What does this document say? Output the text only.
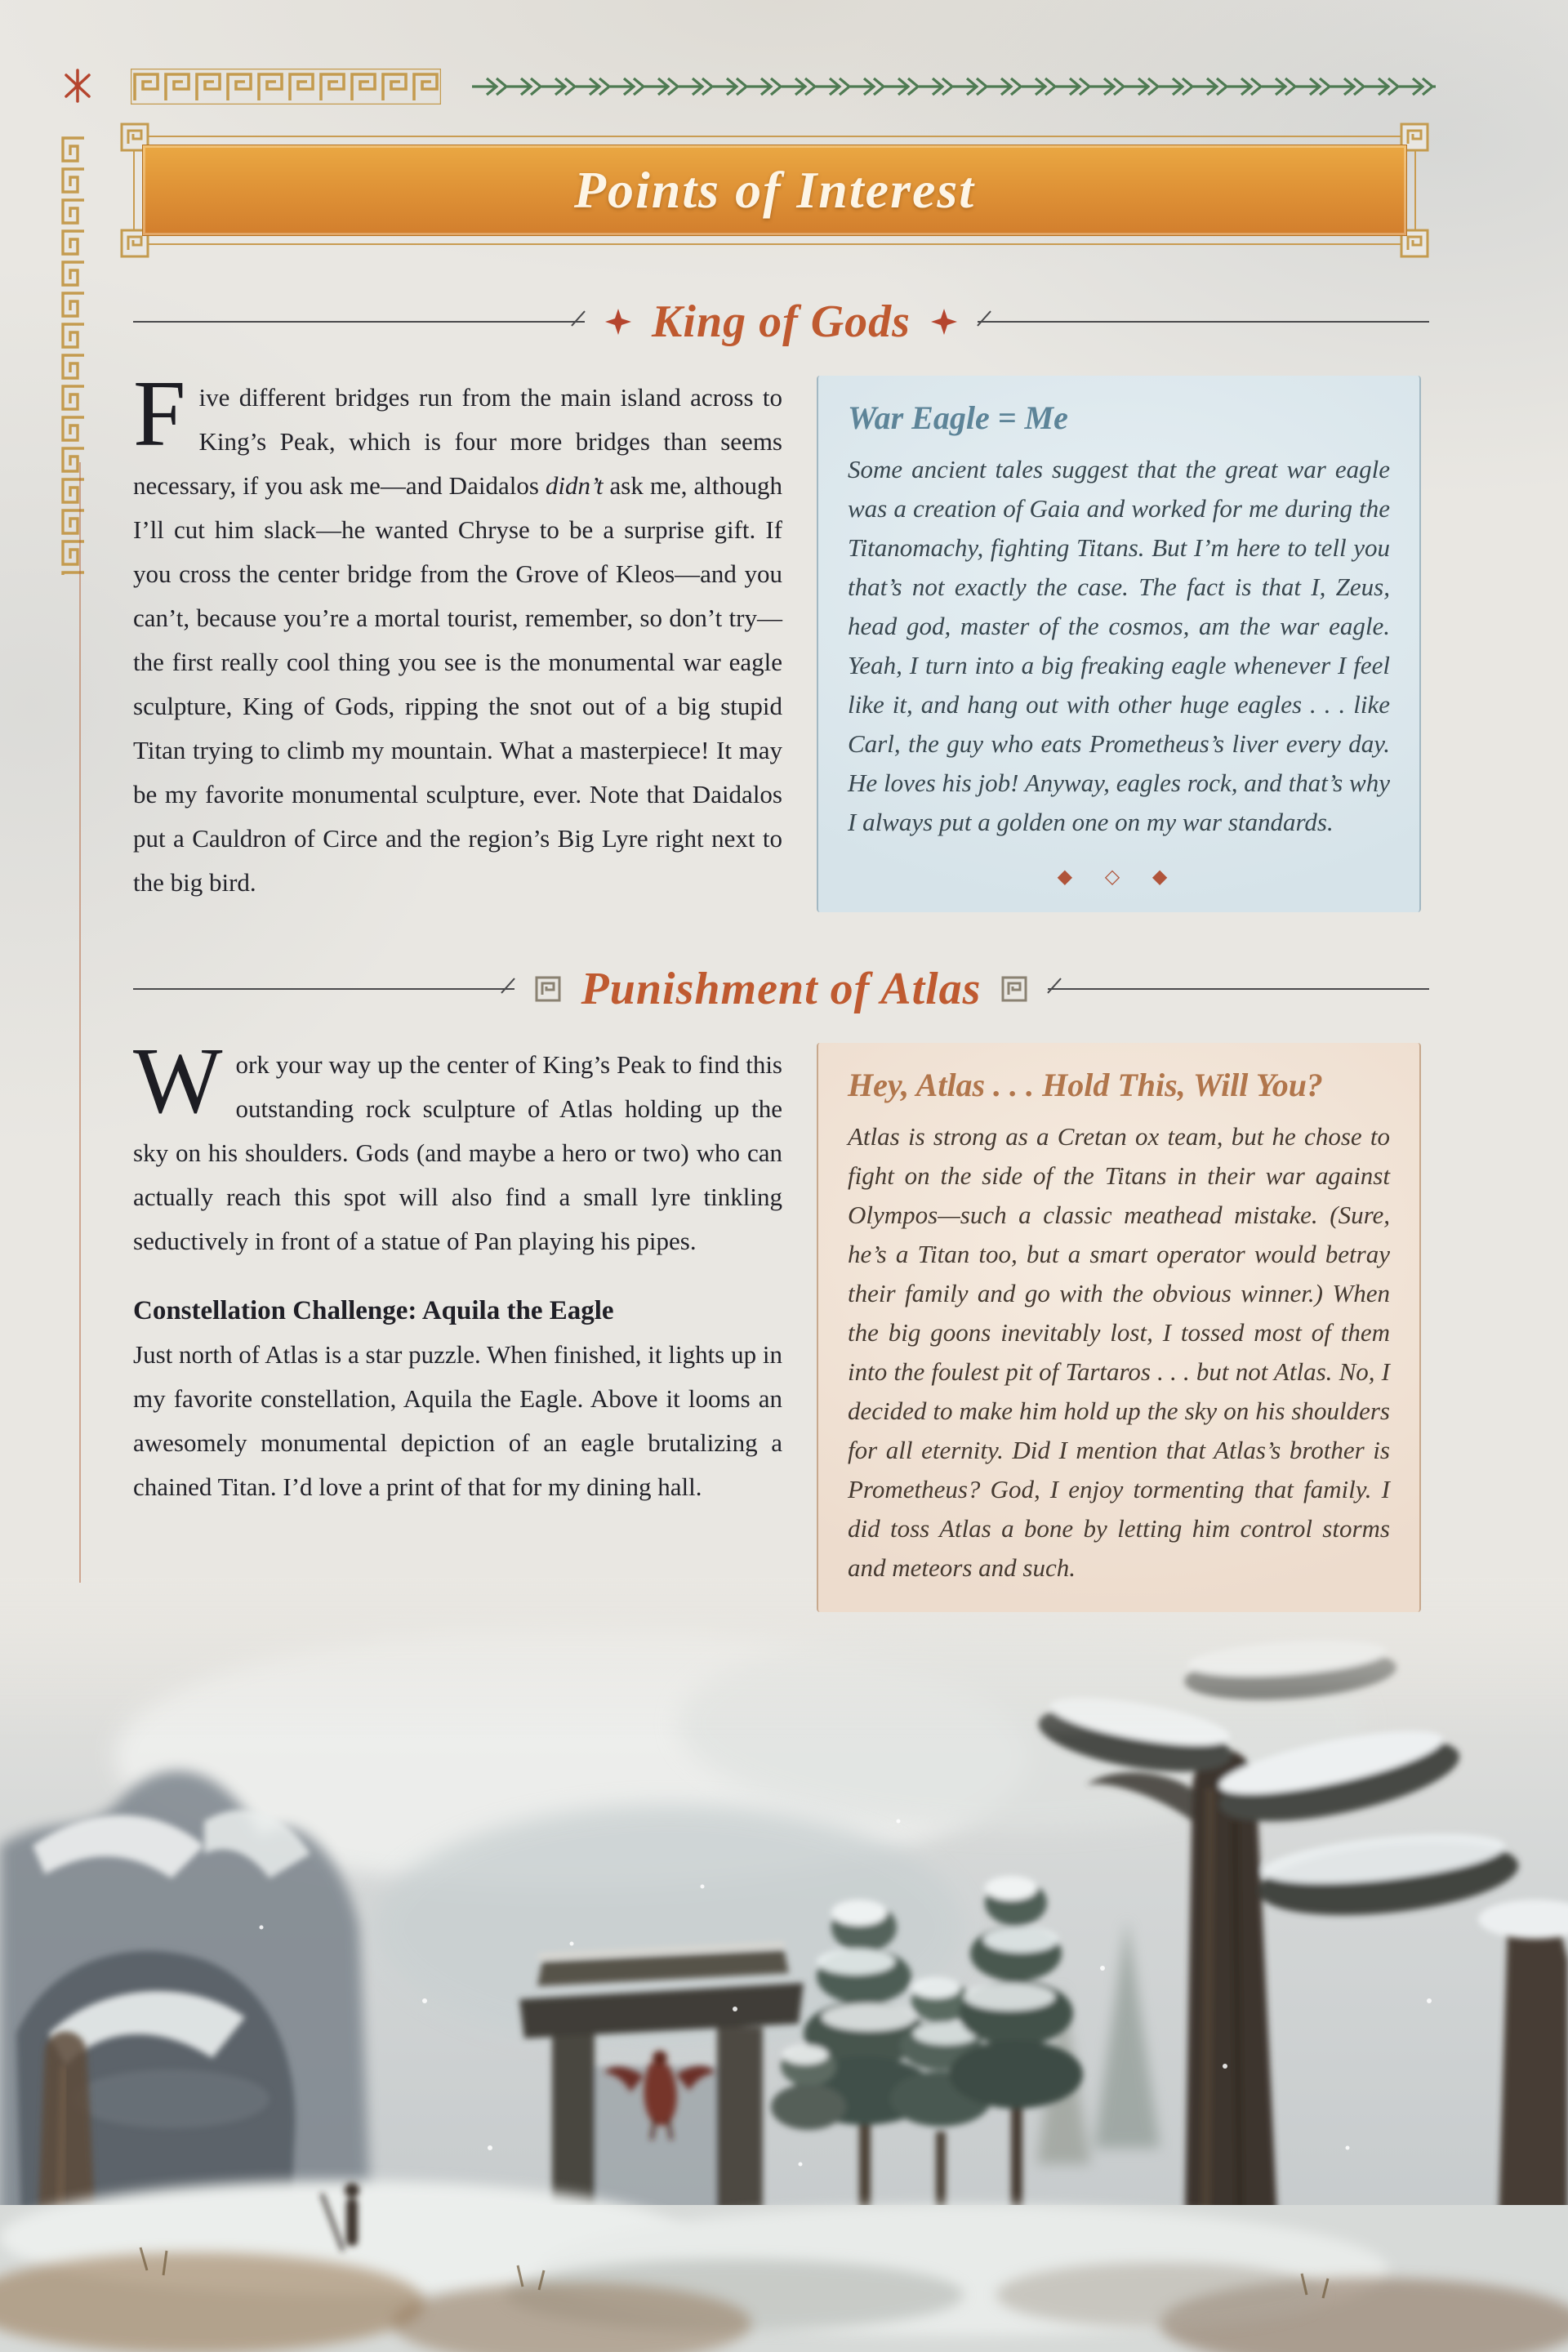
Points of Interest
King of Gods

Five different bridges run from the main island across to King’s Peak, which is four more bridges than seems necessary, if you ask me—and Daidalos didn’t ask me, although I’ll cut him slack—he wanted Chryse to be a surprise gift. If you cross the center bridge from the Grove of Kleos—and you can’t, because you’re a mortal tourist, remember, so don’t try—the first really cool thing you see is the monumental war eagle sculpture, King of Gods, ripping the snot out of a big stupid Titan trying to climb my mountain. What a masterpiece! It may be my favorite monumental sculpture, ever. Note that Daidalos put a Cauldron of Circe and the region’s Big Lyre right next to the big bird.

War Eagle = Me

Some ancient tales suggest that the great war eagle was a creation of Gaia and worked for me during the Titanomachy, fighting Titans. But I’m here to tell you that’s not exactly the case. The fact is that I, Zeus, head god, master of the cosmos, am the war eagle. Yeah, I turn into a big freaking eagle whenever I feel like it, and hang out with other huge eagles . . . like Carl, the guy who eats Prometheus’s liver every day. He loves his job! Anyway, eagles rock, and that’s why I always put a golden one on my war standards.

◆ ◇ ◆
Punishment of Atlas

Work your way up the center of King’s Peak to find this outstanding rock sculpture of Atlas holding up the sky on his shoulders. Gods (and maybe a hero or two) who can actually reach this spot will also find a small lyre tinkling seductively in front of a statue of Pan playing his pipes.

Constellation Challenge: Aquila the Eagle

Just north of Atlas is a star puzzle. When finished, it lights up in my favorite constellation, Aquila the Eagle. Above it looms an awesomely monumental depiction of an eagle brutalizing a chained Titan. I’d love a print of that for my dining hall.

Hey, Atlas . . . Hold This, Will You?

Atlas is strong as a Cretan ox team, but he chose to fight on the side of the Titans in their war against Olympos—such a classic meathead mistake. (Sure, he’s a Titan too, but a smart operator would betray their family and go with the obvious winner.) When the big goons inevitably lost, I tossed most of them into the foulest pit of Tartaros . . . but not Atlas. No, I decided to make him hold up the sky on his shoulders for all eternity. Did I mention that Atlas’s brother is Prometheus? God, I enjoy tormenting that family. I did toss Atlas a bone by letting him control storms and meteors and such.
